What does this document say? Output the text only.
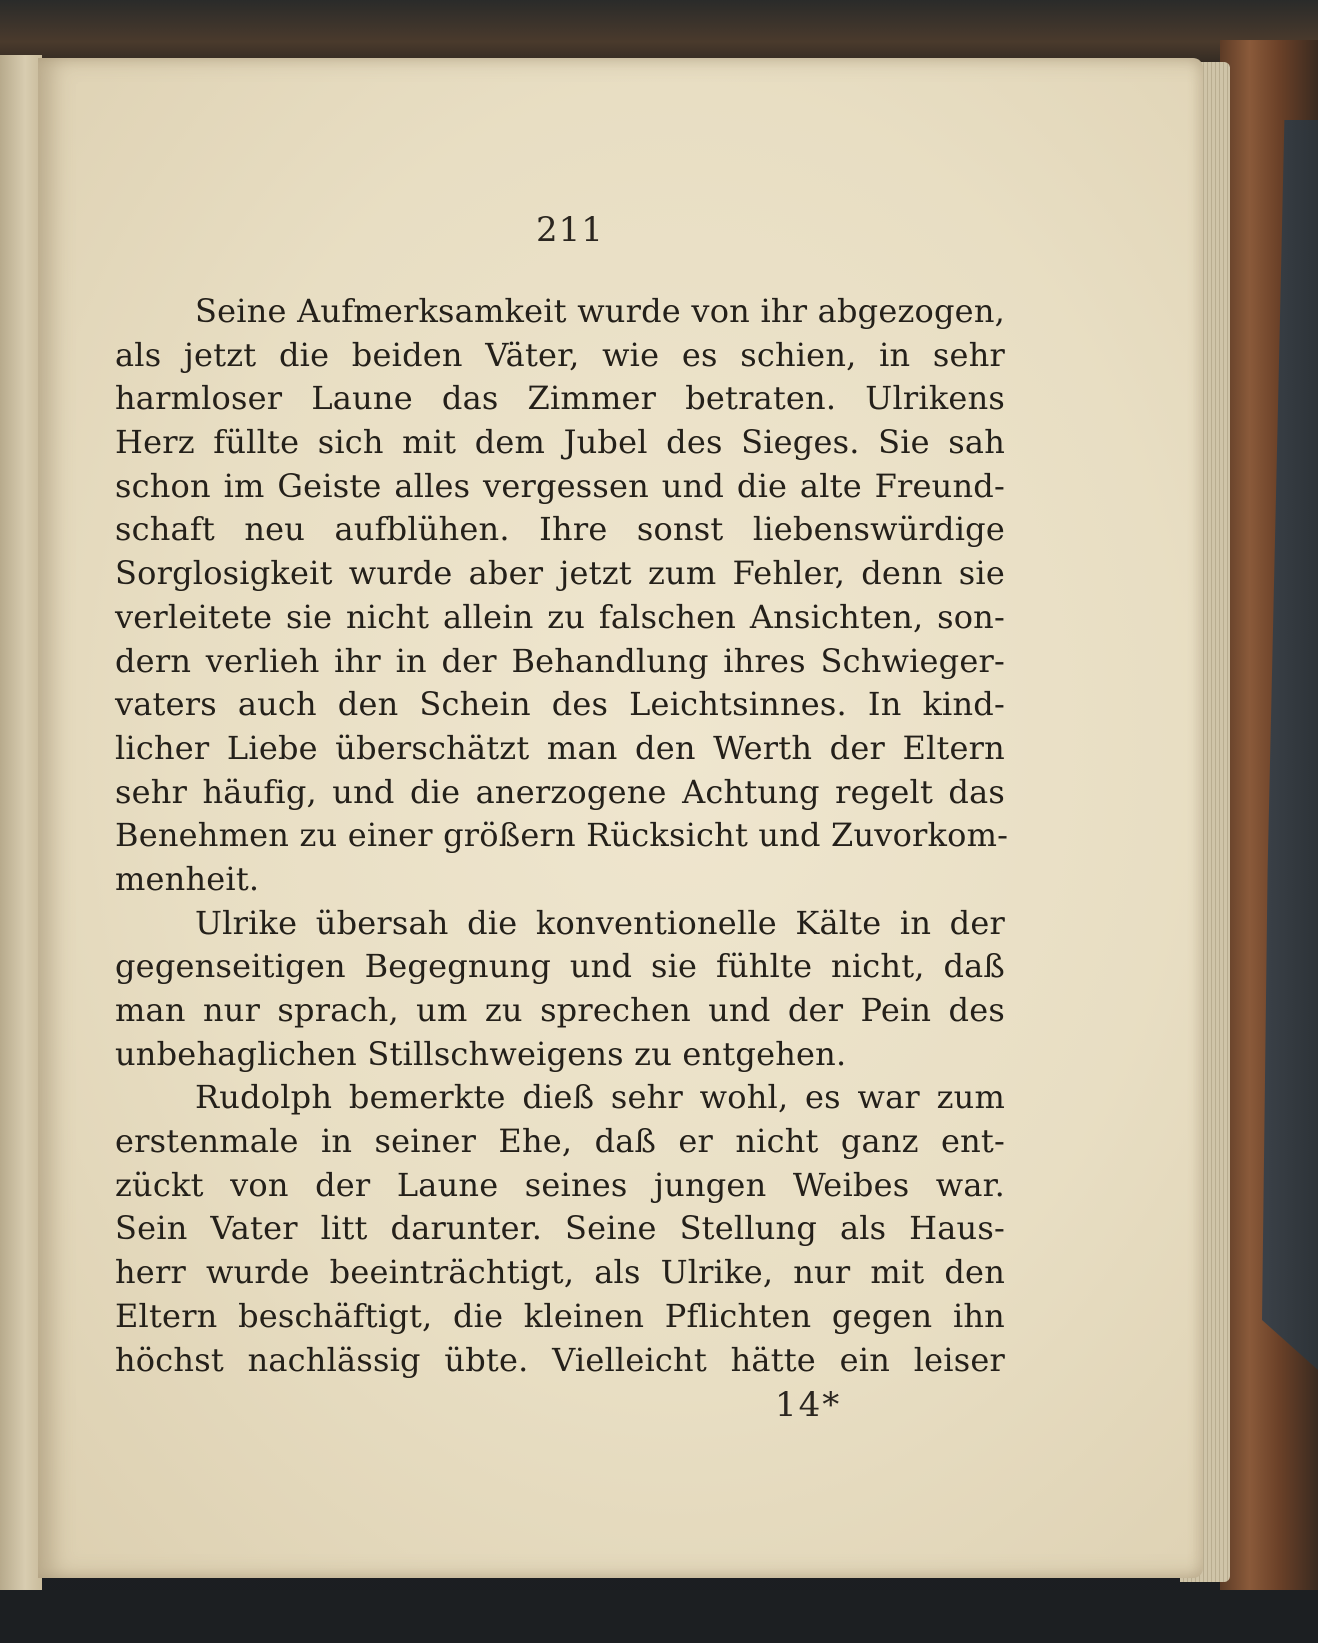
211
Seine Aufmerksamkeit wurde von ihr abgezogen,
als jetzt die beiden Väter, wie es schien, in sehr
harmloser Laune das Zimmer betraten. Ulrikens
Herz füllte sich mit dem Jubel des Sieges. Sie sah
schon im Geiste alles vergessen und die alte Freund-
schaft neu aufblühen. Ihre sonst liebenswürdige
Sorglosigkeit wurde aber jetzt zum Fehler, denn sie
verleitete sie nicht allein zu falschen Ansichten, son-
dern verlieh ihr in der Behandlung ihres Schwieger-
vaters auch den Schein des Leichtsinnes. In kind-
licher Liebe überschätzt man den Werth der Eltern
sehr häufig, und die anerzogene Achtung regelt das
Benehmen zu einer größern Rücksicht und Zuvorkom-
menheit.
Ulrike übersah die konventionelle Kälte in der
gegenseitigen Begegnung und sie fühlte nicht, daß
man nur sprach, um zu sprechen und der Pein des
unbehaglichen Stillschweigens zu entgehen.
Rudolph bemerkte dieß sehr wohl, es war zum
erstenmale in seiner Ehe, daß er nicht ganz ent-
zückt von der Laune seines jungen Weibes war.
Sein Vater litt darunter. Seine Stellung als Haus-
herr wurde beeinträchtigt, als Ulrike, nur mit den
Eltern beschäftigt, die kleinen Pflichten gegen ihn
höchst nachlässig übte. Vielleicht hätte ein leiser
14*
